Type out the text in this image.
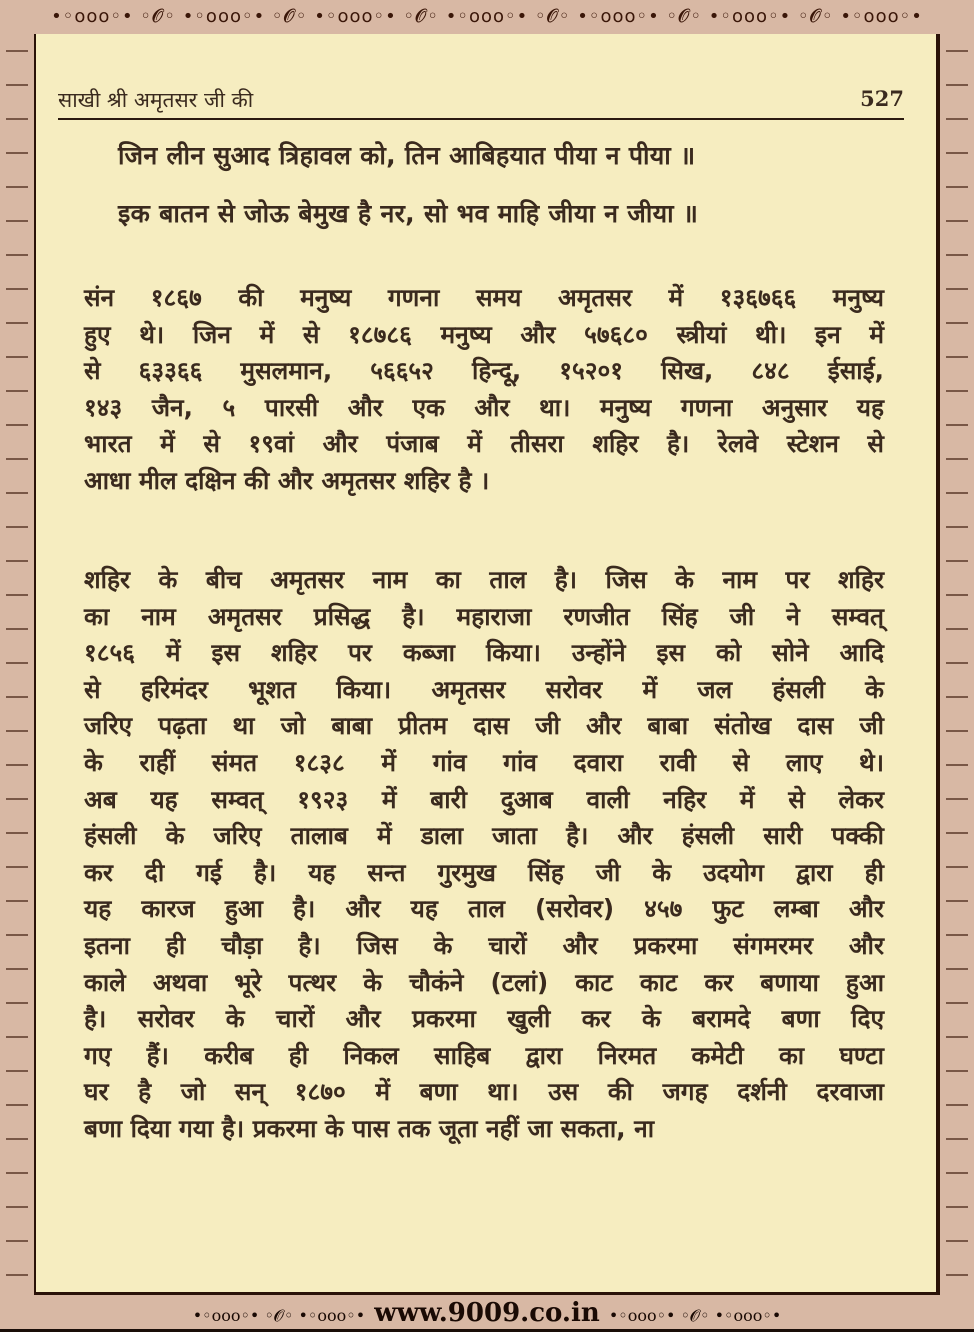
•◦ooo◦• ◦𝓞◦ •◦ooo◦• ◦𝓞◦ •◦ooo◦• ◦𝓞◦ •◦ooo◦• ◦𝓞◦ •◦ooo◦• ◦𝓞◦ •◦ooo◦• ◦𝓞◦ •◦ooo◦•
साखी श्री अमृतसर जी की	527
जिन लीन सुआद त्रिहावल को, तिन आबिहयात पीया न पीया ॥
इक बातन से जोऊ बेमुख है नर, सो भव माहि जीया न जीया ॥
संन १८६७ की मनुष्य गणना समय अमृतसर में १३६७६६ मनुष्य
हुए थे। जिन में से १८७८६ मनुष्य और ५७६८० स्त्रीयां थी। इन में
से ६३३६६ मुसलमान, ५६६५२ हिन्दू, १५२०१ सिख, ८४८ ईसाई,
१४३ जैन, ५ पारसी और एक और था। मनुष्य गणना अनुसार यह
भारत में से १९वां और पंजाब में तीसरा शहिर है। रेलवे स्टेशन से
आधा मील दक्षिन की और अमृतसर शहिर है ।
शहिर के बीच अमृतसर नाम का ताल है। जिस के नाम पर शहिर
का नाम अमृतसर प्रसिद्ध है। महाराजा रणजीत सिंह जी ने सम्वत्
१८५६ में इस शहिर पर कब्जा किया। उन्होंने इस को सोने आदि
से हरिमंदर भूशत किया। अमृतसर सरोवर में जल हंसली के
जरिए पढ़ता था जो बाबा प्रीतम दास जी और बाबा संतोख दास जी
के राहीं संमत १८३८ में गांव गांव दवारा रावी से लाए थे।
अब यह सम्वत् १९२३ में बारी दुआब वाली नहिर में से लेकर
हंसली के जरिए तालाब में डाला जाता है। और हंसली सारी पक्की
कर दी गई है। यह सन्त गुरमुख सिंह जी के उदयोग द्वारा ही
यह कारज हुआ है। और यह ताल (सरोवर) ४५७ फुट लम्बा और
इतना ही चौड़ा है। जिस के चारों और प्रकरमा संगमरमर और
काले अथवा भूरे पत्थर के चौकंने (टलां) काट काट कर बणाया हुआ
है। सरोवर के चारों और प्रकरमा खुली कर के बरामदे बणा दिए
गए हैं। करीब ही निकल साहिब द्वारा निरमत कमेटी का घण्टा
घर है जो सन् १८७० में बणा था। उस की जगह दर्शनी दरवाजा
बणा दिया गया है। प्रकरमा के पास तक जूता नहीं जा सकता, ना
•◦ooo◦• ◦𝓞◦ •◦ooo◦• www.9009.co.in •◦ooo◦• ◦𝓞◦ •◦ooo◦•
